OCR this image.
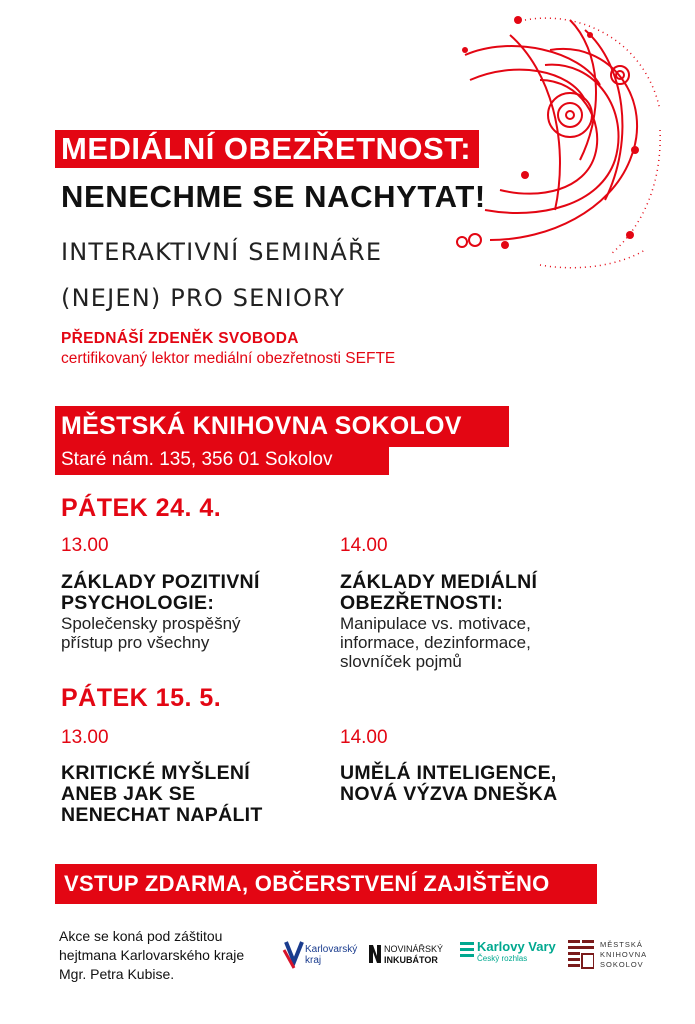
MEDIÁLNÍ OBEZŘETNOST:
NENECHME SE NACHYTAT!
INTERAKTIVNÍ SEMINÁŘE
(NEJEN) PRO SENIORY
PŘEDNÁŠÍ ZDENĚK SVOBODA
certifikovaný lektor mediální obezřetnosti SEFTE
MĚSTSKÁ KNIHOVNA SOKOLOV
Staré nám. 135, 356 01 Sokolov
PÁTEK 24. 4.
13.00
ZÁKLADY POZITIVNÍ
PSYCHOLOGIE:
Společensky prospěšný
přístup pro všechny
14.00
ZÁKLADY MEDIÁLNÍ
OBEZŘETNOSTI:
Manipulace vs. motivace,
informace, dezinformace,
slovníček pojmů
PÁTEK 15. 5.
13.00
KRITICKÉ MYŠLENÍ
ANEB JAK SE
NENECHAT NAPÁLIT
14.00
UMĚLÁ INTELIGENCE,
NOVÁ VÝZVA DNEŠKA
VSTUP ZDARMA, OBČERSTVENÍ ZAJIŠTĚNO
Akce se koná pod záštitou
hejtmana Karlovarského kraje
Mgr. Petra Kubise.
Karlovarský
kraj
NOVINÁŘSKÝ
INKUBÁTOR
Karlovy Vary
Český rozhlas
MĚSTSKÁ
KNIHOVNA
SOKOLOV
